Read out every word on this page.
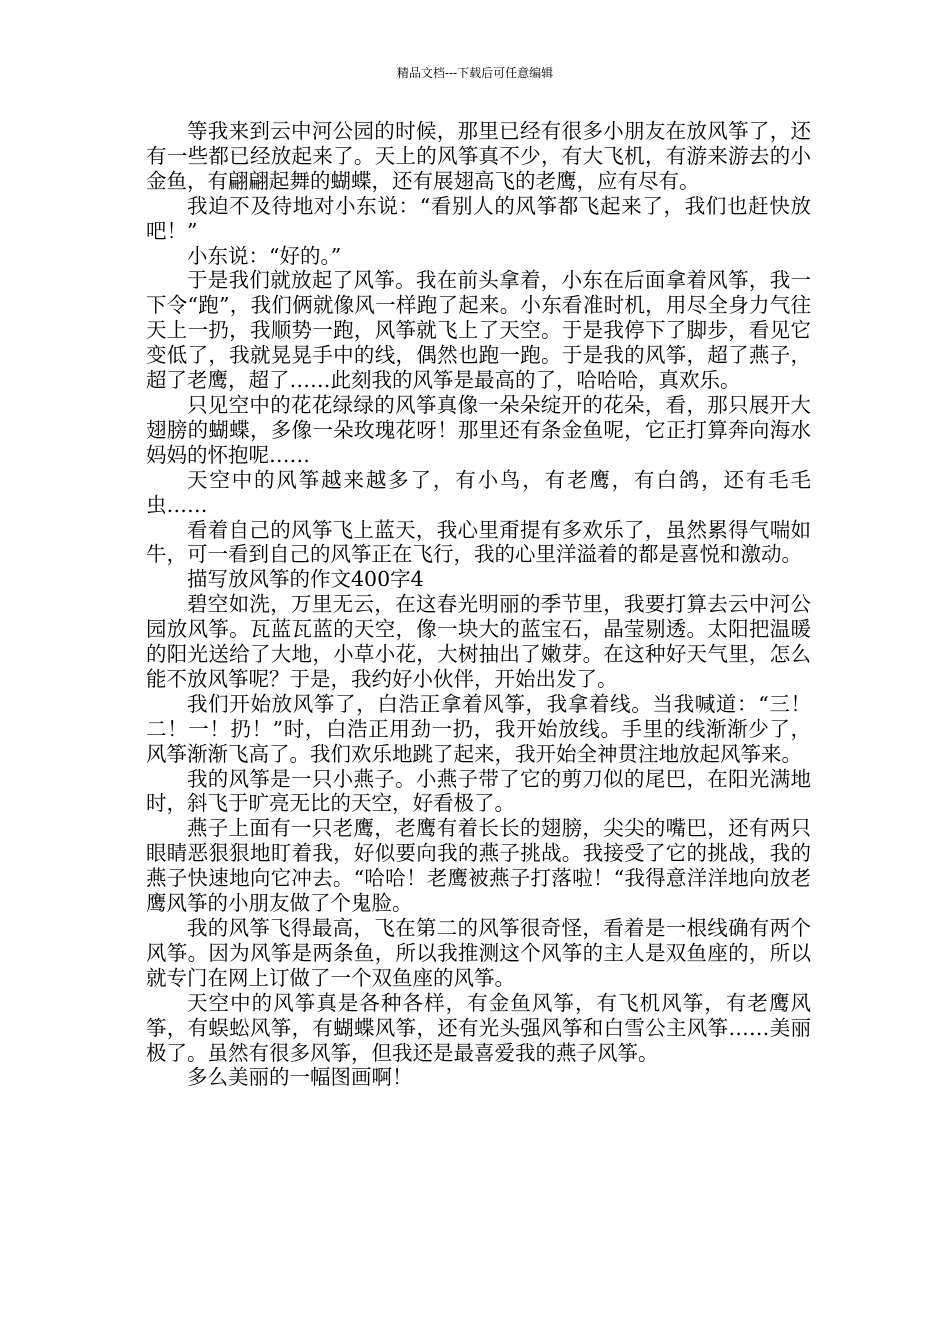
精品文档---下载后可任意编辑

等我来到云中河公园的时候，那里已经有很多小朋友在放风筝了，还有一些都已经放起来了。天上的风筝真不少，有大飞机，有游来游去的小金鱼，有翩翩起舞的蝴蝶，还有展翅高飞的老鹰，应有尽有。

我迫不及待地对小东说：“看别人的风筝都飞起来了，我们也赶快放吧！”

小东说：“好的。”

于是我们就放起了风筝。我在前头拿着，小东在后面拿着风筝，我一下令“跑”，我们俩就像风一样跑了起来。小东看准时机，用尽全身力气往天上一扔，我顺势一跑，风筝就飞上了天空。于是我停下了脚步，看见它变低了，我就晃晃手中的线，偶然也跑一跑。于是我的风筝，超了燕子，超了老鹰，超了……此刻我的风筝是最高的了，哈哈哈，真欢乐。

只见空中的花花绿绿的风筝真像一朵朵绽开的花朵，看，那只展开大翅膀的蝴蝶，多像一朵玫瑰花呀！那里还有条金鱼呢，它正打算奔向海水妈妈的怀抱呢……

天空中的风筝越来越多了，有小鸟，有老鹰，有白鸽，还有毛毛虫……

看着自己的风筝飞上蓝天，我心里甭提有多欢乐了，虽然累得气喘如牛，可一看到自己的风筝正在飞行，我的心里洋溢着的都是喜悦和激动。

描写放风筝的作文400字4

碧空如洗，万里无云，在这春光明丽的季节里，我要打算去云中河公园放风筝。瓦蓝瓦蓝的天空，像一块大的蓝宝石，晶莹剔透。太阳把温暖的阳光送给了大地，小草小花，大树抽出了嫩芽。在这种好天气里，怎么能不放风筝呢？于是，我约好小伙伴，开始出发了。

我们开始放风筝了，白浩正拿着风筝，我拿着线。当我喊道：“三！二！一！扔！”时，白浩正用劲一扔，我开始放线。手里的线渐渐少了，风筝渐渐飞高了。我们欢乐地跳了起来，我开始全神贯注地放起风筝来。

我的风筝是一只小燕子。小燕子带了它的剪刀似的尾巴，在阳光满地时，斜飞于旷亮无比的天空，好看极了。

燕子上面有一只老鹰，老鹰有着长长的翅膀，尖尖的嘴巴，还有两只眼睛恶狠狠地盯着我，好似要向我的燕子挑战。我接受了它的挑战，我的燕子快速地向它冲去。“哈哈！老鹰被燕子打落啦！“我得意洋洋地向放老鹰风筝的小朋友做了个鬼脸。

我的风筝飞得最高，飞在第二的风筝很奇怪，看着是一根线确有两个风筝。因为风筝是两条鱼，所以我推测这个风筝的主人是双鱼座的，所以就专门在网上订做了一个双鱼座的风筝。

天空中的风筝真是各种各样，有金鱼风筝，有飞机风筝，有老鹰风筝，有蜈蚣风筝，有蝴蝶风筝，还有光头强风筝和白雪公主风筝……美丽极了。虽然有很多风筝，但我还是最喜爱我的燕子风筝。

多么美丽的一幅图画啊！
